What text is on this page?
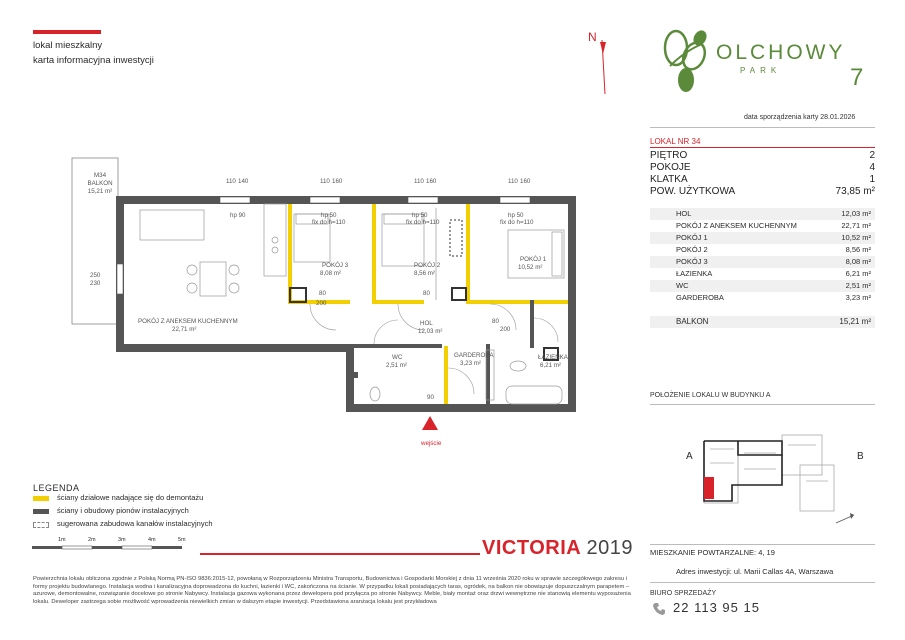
lokal mieszkalny
karta informacyjna inwestycji
N
OLCHOWY
PARK	7
data sporządzenia karty 28.01.2026
LOKAL NR 34
PIĘTRO	2
POKOJE	4
KLATKA	1
POW. UŻYTKOWA	73,85 m²
HOL	12,03 m²
POKÓJ Z ANEKSEM KUCHENNYM	22,71 m²
POKÓJ 1	10,52 m²
POKÓJ 2	8,56 m²
POKÓJ 3	8,08 m²
ŁAZIENKA	6,21 m²
WC	2,51 m²
GARDEROBA	3,23 m²
BALKON	15,21 m²
POŁOŻENIE LOKALU W BUDYNKU A
A	B
MIESZKANIE POWTARZALNE: 4, 19
Adres inwestycji: ul. Marii Callas 4A, Warszawa
BIURO SPRZEDAŻY
22 113 95 15
M34
BALKON
15,21 m²
POKÓJ Z ANEKSEM KUCHENNYM
22,71 m²
POKÓJ 1
10,52 m²
POKÓJ 2
8,56 m²
POKÓJ 3
8,08 m²
HOL
12,03 m²
WC
2,51 m²
GARDEROBA
3,23 m²
ŁAZIENKA
6,21 m²
wejście
hp 90	hp 50
fix do h=110
hp 50
fix do h=110
hp 50
fix do h=110
250
230
80
200
80
80
200
90
110 140	110 160	110 160	110 160
LEGENDA
ściany działowe nadające się do demontażu
ściany i obudowy pionów instalacyjnych
sugerowana zabudowa kanałów instalacyjnych
1m	2m	3m	4m	5m	VICTORIA 2019
Powierzchnia lokalu obliczona zgodnie z Polską Normą PN-ISO 9836:2015-12, powołaną w Rozporządzeniu Ministra Transportu, Budownictwa i Gospodarki Morskiej z dnia 11 września 2020 roku w sprawie szczegółowego zakresu i formy projektu budowlanego. Instalacja wodna i kanalizacyjna doprowadzona do kuchni, łazienki i WC, zakończona na ścianie. W przypadku lokali posiadających taras, ogródek, na balkon nie obowiązuje dopuszczalnym parapetem – azurowe, demontowalne, rozwiązanie docelowe po stronie Nabywcy. Instalacja gazowa wykonana przez dewelopera pod przyłącza po stronie Nabywcy. Meble, biały montaż oraz drzwi wewnętrzne nie stanowią elementu wyposażenia lokalu. Deweloper zastrzega sobie możliwość wprowadzenia niewielkich zmian w dalszym etapie inwestycji. Przedstawiona aranżacja lokalu jest przykładowa
